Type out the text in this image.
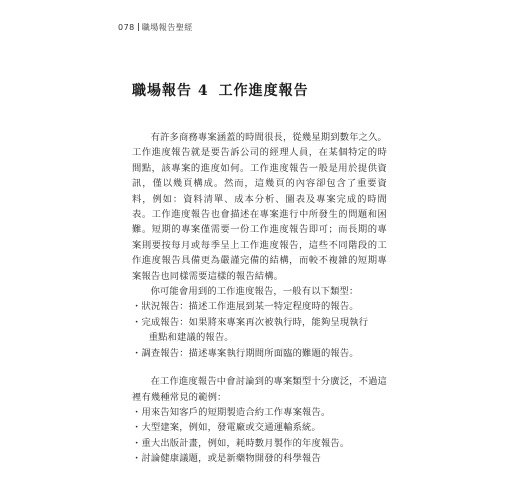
078 職場報告聖經
職場報告 4 工作進度報告

有許多商務專案涵蓋的時間很長，從幾星期到數年之久。工作進度報告就是要告訴公司的經理人員，在某個特定的時間點，該專案的進度如何。工作進度報告一般是用於提供資訊，僅以幾頁構成。然而，這幾頁的內容卻包含了重要資料，例如：資料清單、成本分析、圖表及專案完成的時間表。工作進度報告也會描述在專案進行中所發生的問題和困難。短期的專案僅需要一份工作進度報告即可；而長期的專案則要按每月或每季呈上工作進度報告，這些不同階段的工作進度報告具備更為嚴謹完備的結構，而較不複雜的短期專案報告也同樣需要這樣的報告結構。

你可能會用到的工作進度報告，一般有以下類型：

・狀況報告：描述工作進展到某一特定程度時的報告。

・完成報告：如果將來專案再次被執行時，能夠呈現執行
重點和建議的報告。

・調查報告：描述專案執行期間所面臨的難題的報告。

在工作進度報告中會討論到的專案類型十分廣泛，不過這裡有幾種常見的範例：

・用來告知客戶的短期製造合約工作專案報告。

・大型建案，例如，發電廠或交通運輸系統。

・重大出版計畫，例如，耗時數月製作的年度報告。

・討論健康議題，或是新藥物開發的科學報告
